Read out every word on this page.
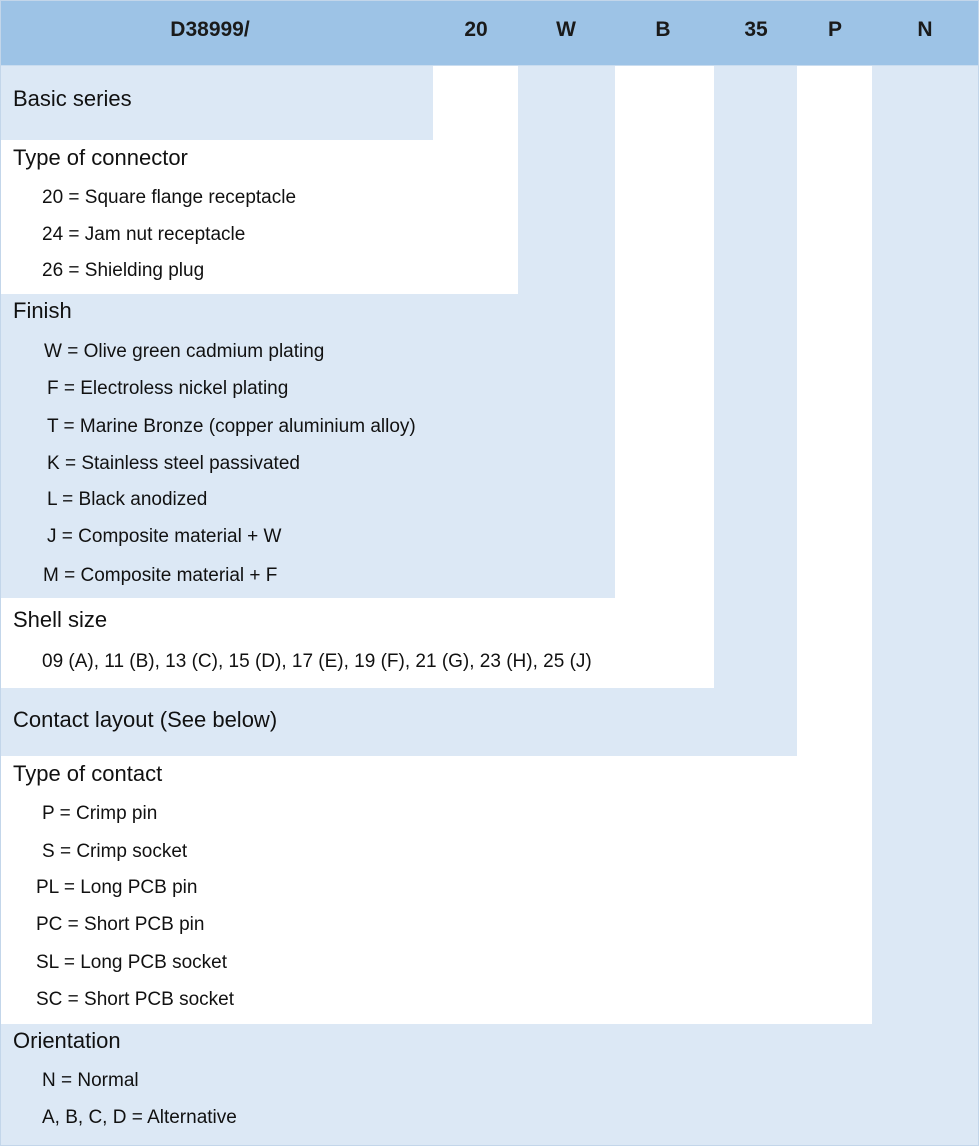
D38999/	20	W	B	35	P	N
Basic series
Type of connector
20 = Square flange receptacle
24 = Jam nut receptacle
26 = Shielding plug
Finish
W = Olive green cadmium plating
F = Electroless nickel plating
T = Marine Bronze (copper aluminium alloy)
K = Stainless steel passivated
L = Black anodized
J = Composite material + W
M = Composite material + F
Shell size
09 (A), 11 (B), 13 (C), 15 (D), 17 (E), 19 (F), 21 (G), 23 (H), 25 (J)
Contact layout (See below)
Type of contact
P = Crimp pin
S = Crimp socket
PL = Long PCB pin
PC = Short PCB pin
SL = Long PCB socket
SC = Short PCB socket
Orientation
N = Normal
A, B, C, D = Alternative
